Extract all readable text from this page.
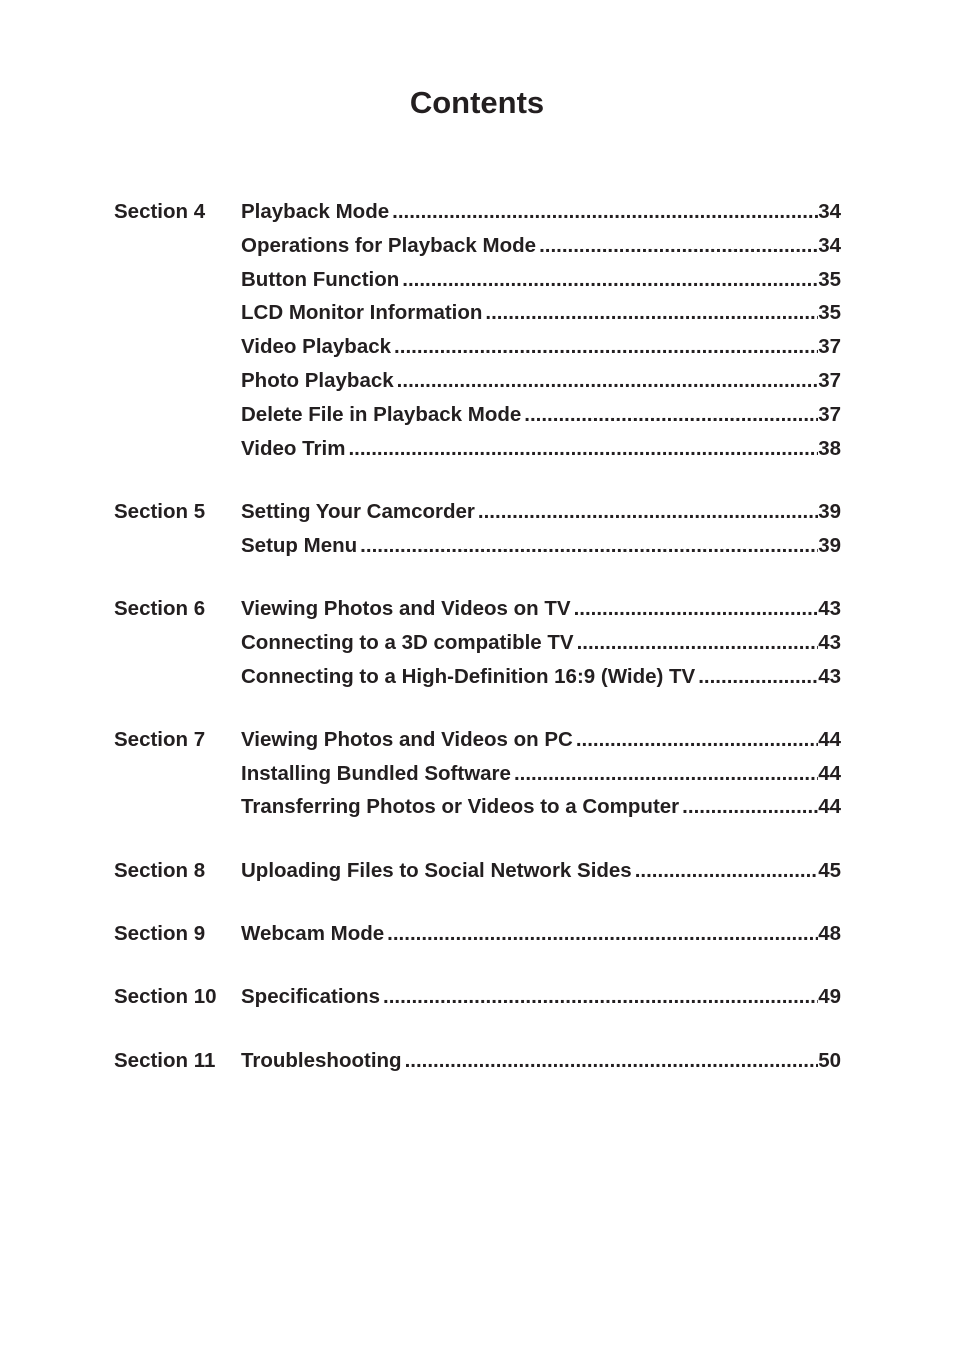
Contents
Section 4 Playback Mode .....	34
Operations for Playback Mode .....	34
Button Function .....	35
LCD Monitor Information .....	35
Video Playback .....	37
Photo Playback .....	37
Delete File in Playback Mode .....	37
Video Trim .....	38
Section 5 Setting Your Camcorder .....	39
Setup Menu .....	39
Section 6 Viewing Photos and Videos on TV .....	43
Connecting to a 3D compatible TV .....	43
Connecting to a High-Definition 16:9 (Wide) TV .....	43
Section 7 Viewing Photos and Videos on PC .....	44
Installing Bundled Software .....	44
Transferring Photos or Videos to a Computer .....	44
Section 8 Uploading Files to Social Network Sides .....	45
Section 9 Webcam Mode .....	48
Section 10 Specifications .....	49
Section 11 Troubleshooting .....	50
